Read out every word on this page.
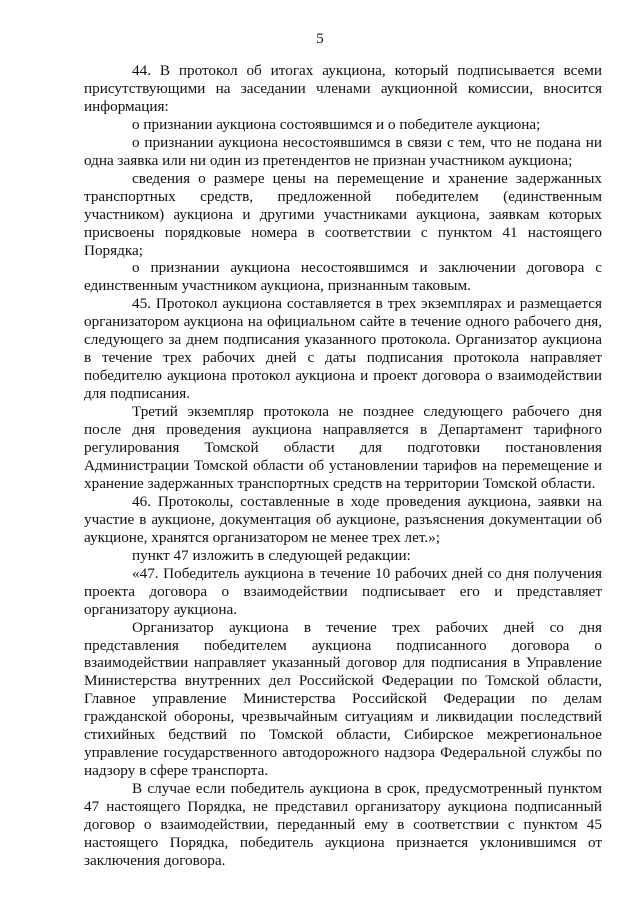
5

44. В протокол об итогах аукциона, который подписывается всеми присутствующими на заседании членами аукционной комиссии, вносится информация:

о признании аукциона состоявшимся и о победителе аукциона;

о признании аукциона несостоявшимся в связи с тем, что не подана ни одна заявка или ни один из претендентов не признан участником аукциона;

сведения о размере цены на перемещение и хранение задержанных транспортных средств, предложенной победителем (единственным участником) аукциона и другими участниками аукциона, заявкам которых присвоены порядковые номера в соответствии с пунктом 41 настоящего Порядка;

о признании аукциона несостоявшимся и заключении договора с единственным участником аукциона, признанным таковым.

45. Протокол аукциона составляется в трех экземплярах и размещается организатором аукциона на официальном сайте в течение одного рабочего дня, следующего за днем подписания указанного протокола. Организатор аукциона в течение трех рабочих дней с даты подписания протокола направляет победителю аукциона протокол аукциона и проект договора о взаимодействии для подписания.

Третий экземпляр протокола не позднее следующего рабочего дня после дня проведения аукциона направляется в Департамент тарифного регулирования Томской области для подготовки постановления Администрации Томской области об установлении тарифов на перемещение и хранение задержанных транспортных средств на территории Томской области.

46. Протоколы, составленные в ходе проведения аукциона, заявки на участие в аукционе, документация об аукционе, разъяснения документации об аукционе, хранятся организатором не менее трех лет.»;

пункт 47 изложить в следующей редакции:

«47. Победитель аукциона в течение 10 рабочих дней со дня получения проекта договора о взаимодействии подписывает его и представляет организатору аукциона.

Организатор аукциона в течение трех рабочих дней со дня представления победителем аукциона подписанного договора о взаимодействии направляет указанный договор для подписания в Управление Министерства внутренних дел Российской Федерации по Томской области, Главное управление Министерства Российской Федерации по делам гражданской обороны, чрезвычайным ситуациям и ликвидации последствий стихийных бедствий по Томской области, Сибирское межрегиональное управление государственного автодорожного надзора Федеральной службы по надзору в сфере транспорта.

В случае если победитель аукциона в срок, предусмотренный пунктом 47 настоящего Порядка, не представил организатору аукциона подписанный договор о взаимодействии, переданный ему в соответствии с пунктом 45 настоящего Порядка, победитель аукциона признается уклонившимся от заключения договора.
